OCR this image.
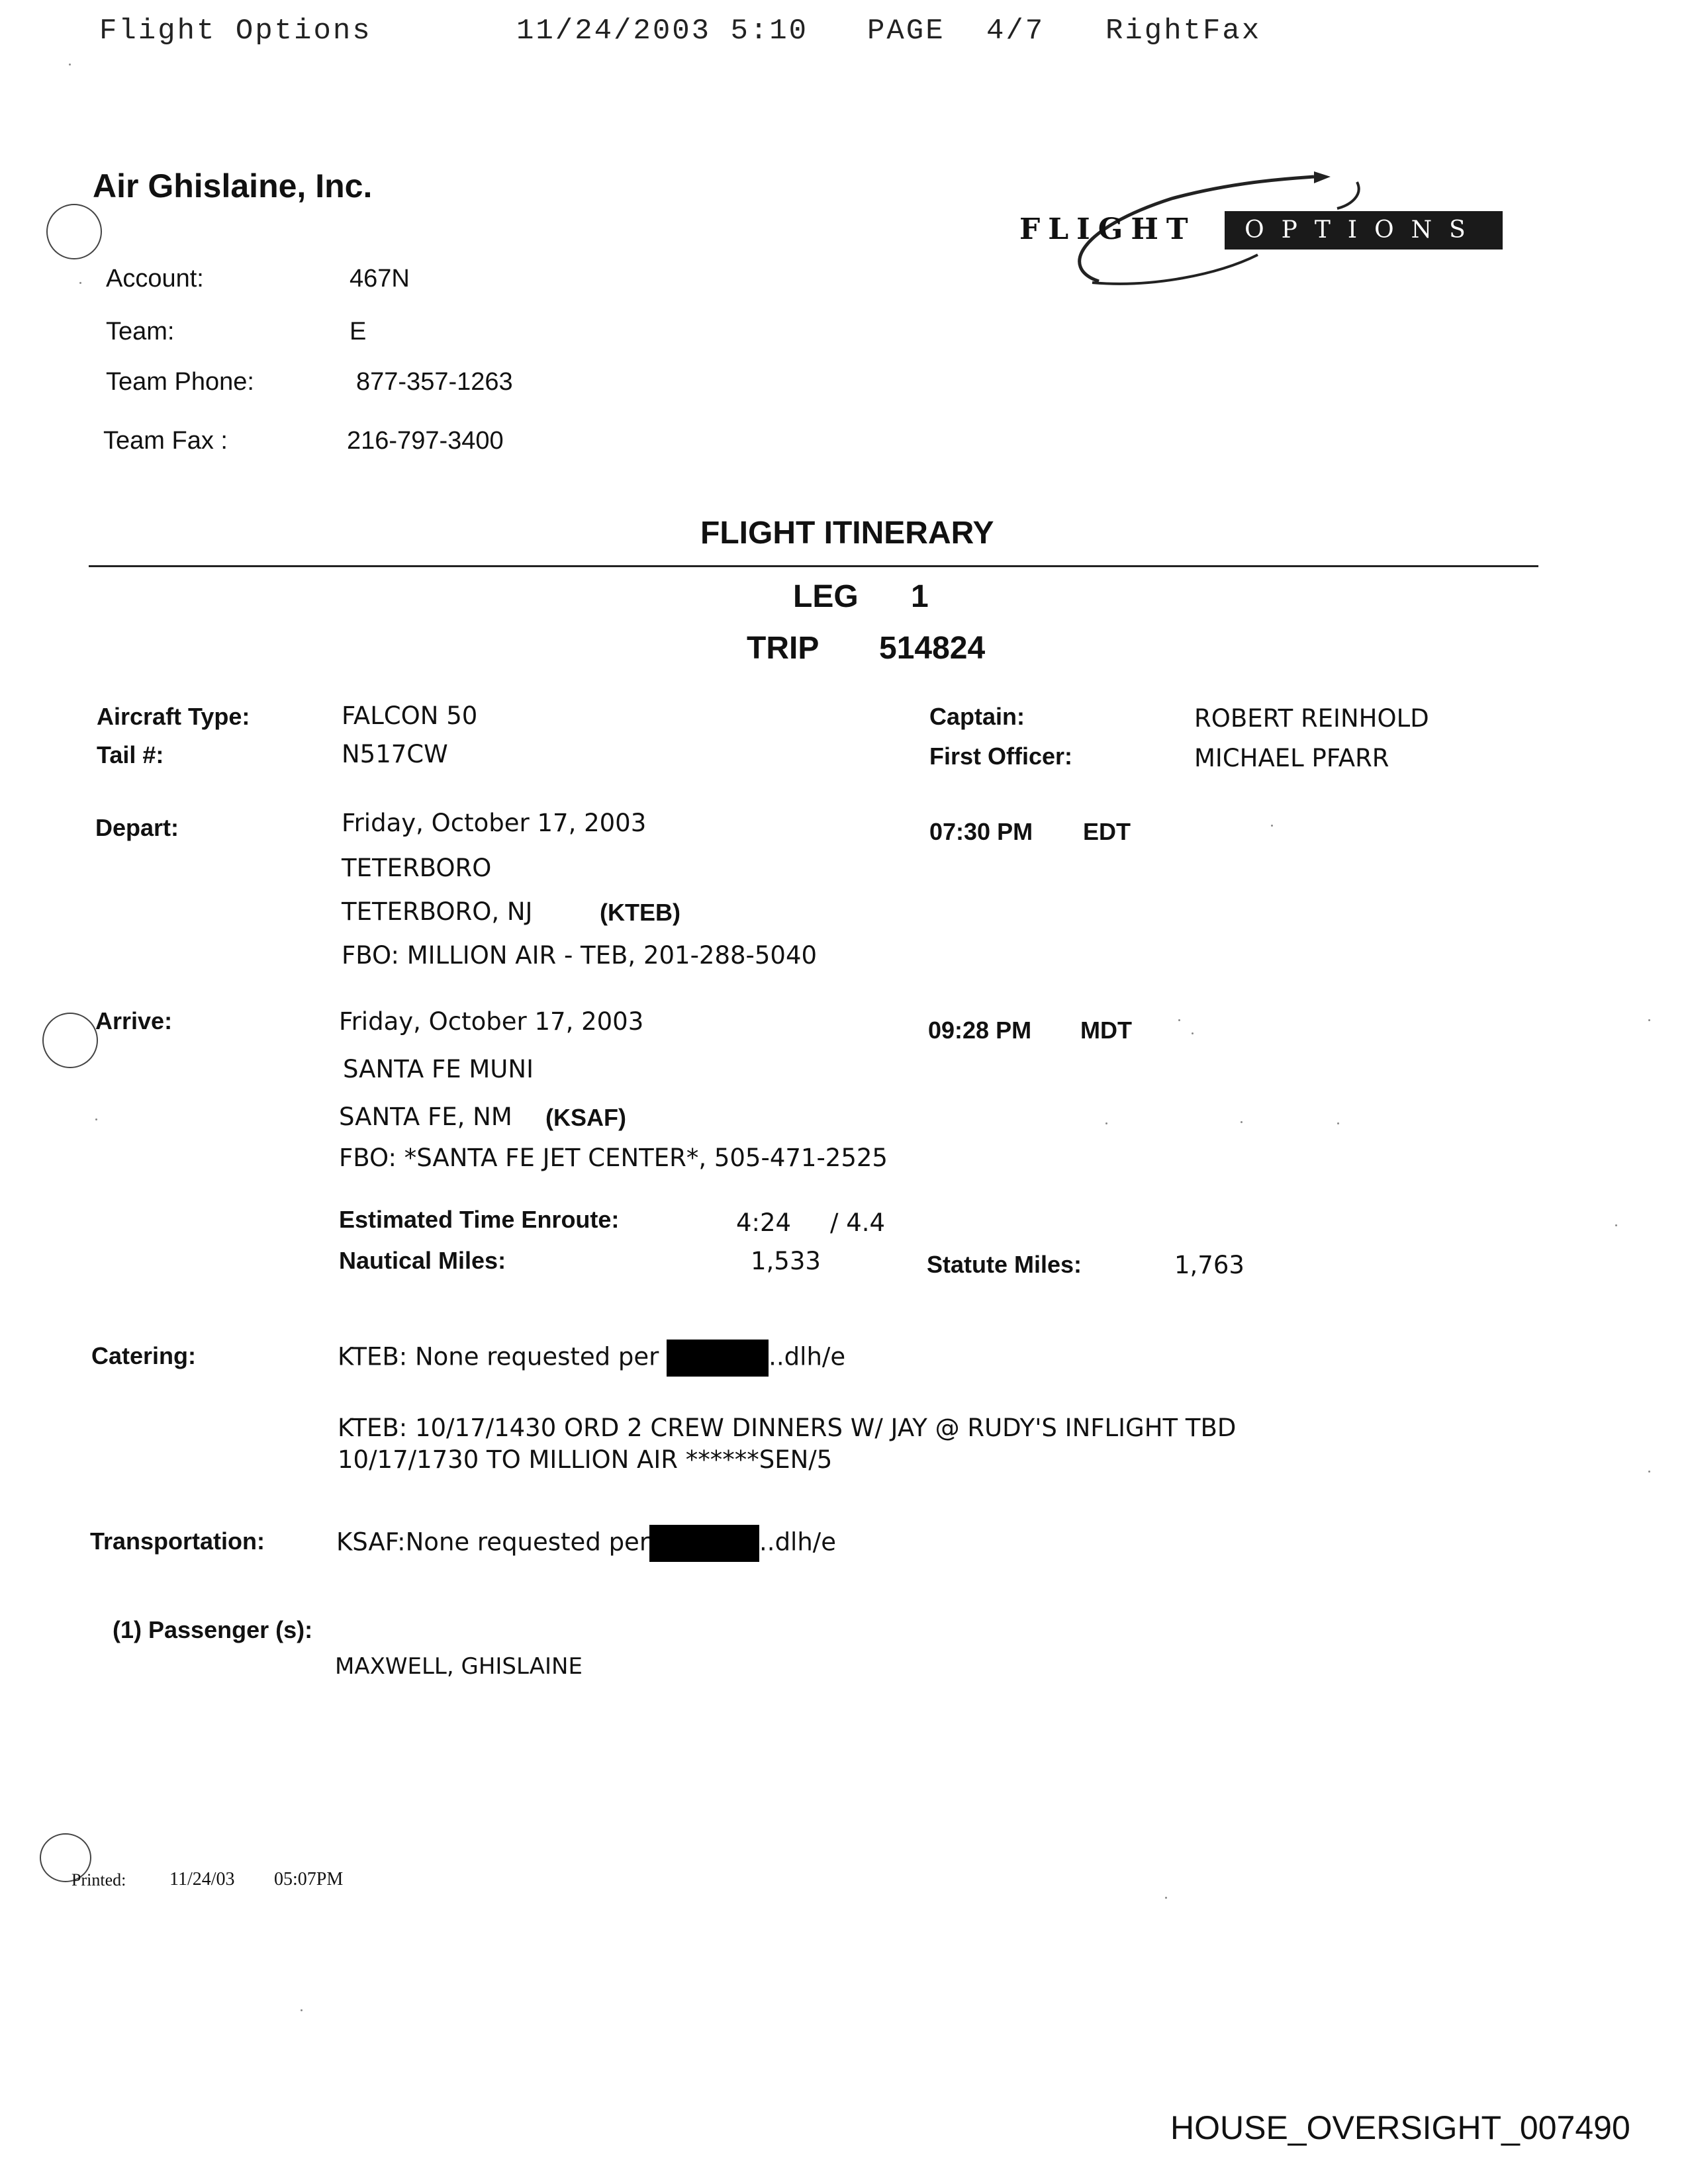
Flight Options	11/24/2003 5:10 PAGE 4/7 RightFax
Air Ghislaine, Inc.
Account:	467N
Team:	E
Team Phone:	877-357-1263
Team Fax :	216-797-3400
FLIGHT	OPTIONS
FLIGHT ITINERARY
LEG 1
TRIP 514824
Aircraft Type:	FALCON 50
Tail #:	N517CW
Captain:	ROBERT REINHOLD
First Officer:	MICHAEL PFARR
Depart:	Friday, October 17, 2003	07:30 PM EDT
TETERBORO
TETERBORO, NJ	(KTEB)
FBO: MILLION AIR - TEB, 201-288-5040
Arrive:	Friday, October 17, 2003	09:28 PM MDT
SANTA FE MUNI
SANTA FE, NM (KSAF)
FBO: *SANTA FE JET CENTER*, 505-471-2525
Estimated Time Enroute:	4:24 / 4.4
Nautical Miles:	1,533	Statute Miles:	1,763
Catering:	KTEB: None requested per	..dlh/e
KTEB: 10/17/1430 ORD 2 CREW DINNERS W/ JAY @ RUDY'S INFLIGHT TBD
10/17/1730 TO MILLION AIR ******SEN/5
Transportation:	KSAF:None requested per	..dlh/e
(1) Passenger (s):
MAXWELL, GHISLAINE
Printed: 11/24/03 05:07PM
HOUSE_OVERSIGHT_007490
